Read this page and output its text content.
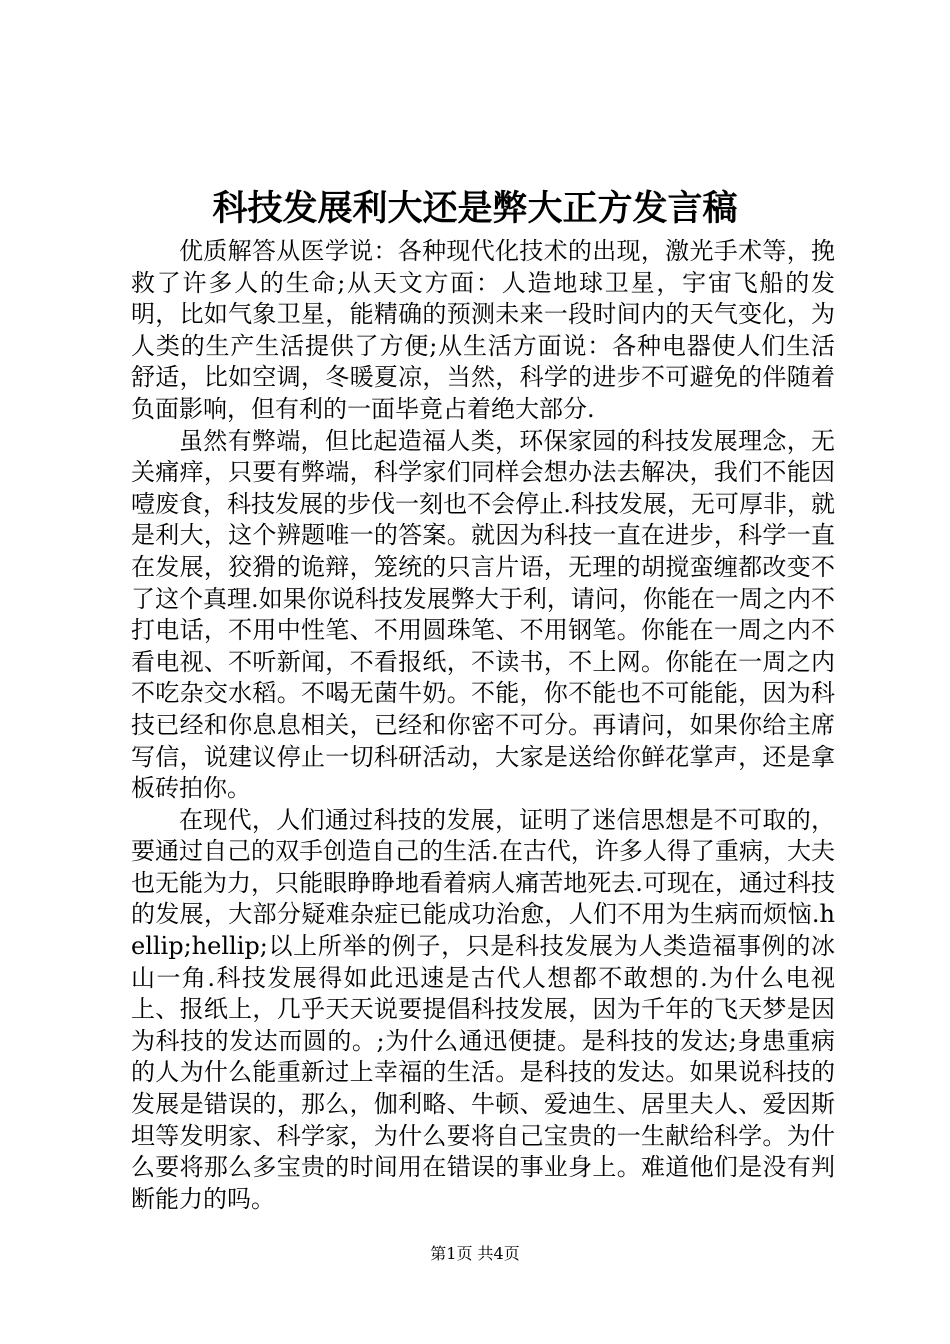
科技发展利大还是弊大正方发言稿

优质解答从医学说：各种现代化技术的出现，激光手术等，挽救了许多人的生命;从天文方面：人造地球卫星，宇宙飞船的发明，比如气象卫星，能精确的预测未来一段时间内的天气变化，为人类的生产生活提供了方便;从生活方面说：各种电器使人们生活舒适，比如空调，冬暖夏凉，当然，科学的进步不可避免的伴随着负面影响，但有利的一面毕竟占着绝大部分.

虽然有弊端，但比起造福人类，环保家园的科技发展理念，无关痛痒，只要有弊端，科学家们同样会想办法去解决，我们不能因噎废食，科技发展的步伐一刻也不会停止.科技发展，无可厚非，就是利大，这个辨题唯一的答案。就因为科技一直在进步，科学一直在发展，狡猾的诡辩，笼统的只言片语，无理的胡搅蛮缠都改变不了这个真理.如果你说科技发展弊大于利，请问，你能在一周之内不打电话，不用中性笔、不用圆珠笔、不用钢笔。你能在一周之内不看电视、不听新闻，不看报纸，不读书，不上网。你能在一周之内不吃杂交水稻。不喝无菌牛奶。不能，你不能也不可能能，因为科技已经和你息息相关，已经和你密不可分。再请问，如果你给主席写信，说建议停止一切科研活动，大家是送给你鲜花掌声，还是拿板砖拍你。

在现代，人们通过科技的发展，证明了迷信思想是不可取的，要通过自己的双手创造自己的生活.在古代，许多人得了重病，大夫也无能为力，只能眼睁睁地看着病人痛苦地死去.可现在，通过科技的发展，大部分疑难杂症已能成功治愈，人们不用为生病而烦恼.hellip;hellip;以上所举的例子，只是科技发展为人类造福事例的冰山一角.科技发展得如此迅速是古代人想都不敢想的.为什么电视上、报纸上，几乎天天说要提倡科技发展，因为千年的飞天梦是因为科技的发达而圆的。;为什么通迅便捷。是科技的发达;身患重病的人为什么能重新过上幸福的生活。是科技的发达。如果说科技的发展是错误的，那么，伽利略、牛顿、爱迪生、居里夫人、爱因斯坦等发明家、科学家，为什么要将自己宝贵的一生献给科学。为什么要将那么多宝贵的时间用在错误的事业身上。难道他们是没有判断能力的吗。

第1页 共4页
